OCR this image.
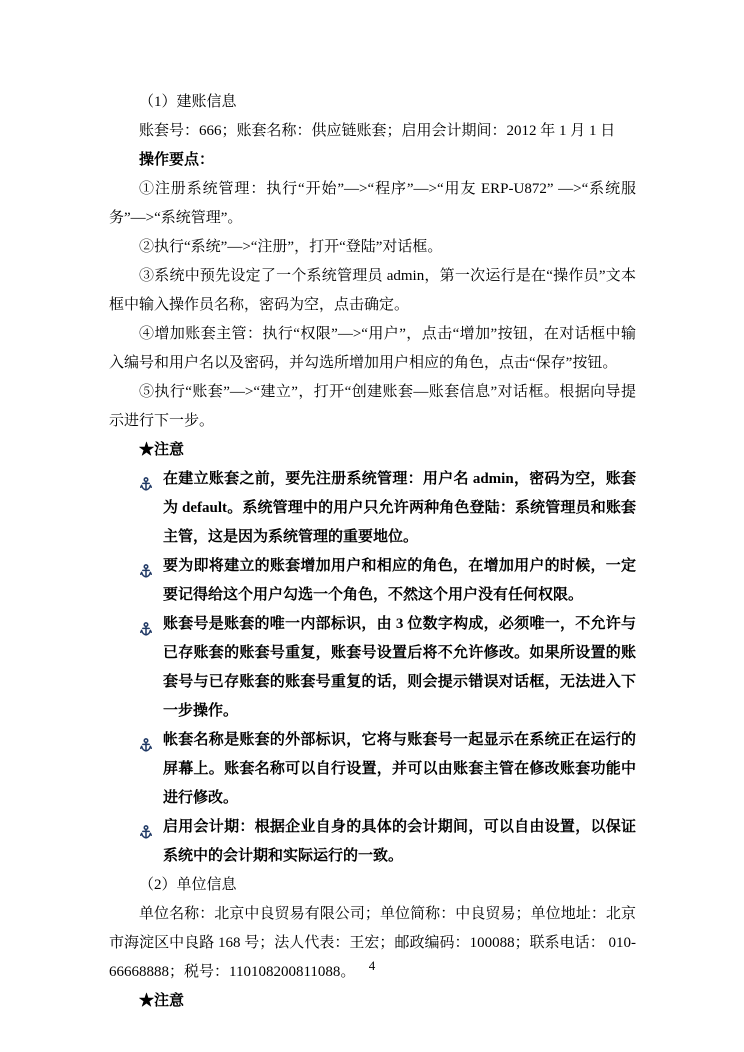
（1）建账信息

账套号：666；账套名称：供应链账套；启用会计期间：2012 年 1 月 1 日

操作要点：

①注册系统管理：执行“开始”—>“程序”—>“用友 ERP-U872” —>“系统服务”—>“系统管理”。

②执行“系统”—>“注册”，打开“登陆”对话框。

③系统中预先设定了一个系统管理员 admin，第一次运行是在“操作员”文本框中输入操作员名称，密码为空，点击确定。

④增加账套主管：执行“权限”—>“用户”，点击“增加”按钮，在对话框中输入编号和用户名以及密码，并勾选所增加用户相应的角色，点击“保存”按钮。

⑤执行“账套”—>“建立”，打开“创建账套—账套信息”对话框。根据向导提示进行下一步。

★注意

在建立账套之前，要先注册系统管理：用户名 admin，密码为空，账套为 default。系统管理中的用户只允许两种角色登陆：系统管理员和账套主管，这是因为系统管理的重要地位。
要为即将建立的账套增加用户和相应的角色，在增加用户的时候，一定要记得给这个用户勾选一个角色，不然这个用户没有任何权限。
账套号是账套的唯一内部标识，由 3 位数字构成，必须唯一，不允许与已存账套的账套号重复，账套号设置后将不允许修改。如果所设置的账套号与已存账套的账套号重复的话，则会提示错误对话框，无法进入下一步操作。
帐套名称是账套的外部标识，它将与账套号一起显示在系统正在运行的屏幕上。账套名称可以自行设置，并可以由账套主管在修改账套功能中进行修改。
启用会计期：根据企业自身的具体的会计期间，可以自由设置，以保证系统中的会计期和实际运行的一致。

（2）单位信息

单位名称：北京中良贸易有限公司；单位简称：中良贸易；单位地址：北京市海淀区中良路 168 号；法人代表：王宏；邮政编码：100088；联系电话： 010-66668888；税号：110108200811088。

★注意

4
